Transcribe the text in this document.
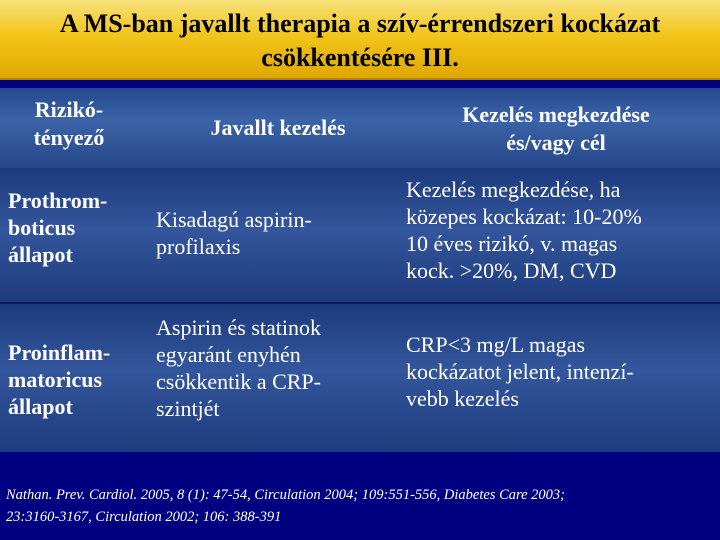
A MS-ban javallt therapia a szív-érrendszeri kockázat
csökkentésére III.
Rizikó-
tényező	Javallt kezelés
Kezelés megkezdése
és/vagy cél
Prothrom-
boticus
állapot
Kisadagú aspirin-
profilaxis
Kezelés megkezdése, ha
közepes kockázat: 10-20%
10 éves rizikó, v. magas
kock. >20%, DM, CVD
Proinflam-
matoricus
állapot
Aspirin és statinok
egyaránt enyhén
csökkentik a CRP-
szintjét
CRP<3 mg/L magas
kockázatot jelent, intenzí-
vebb kezelés
Nathan. Prev. Cardiol. 2005, 8 (1): 47-54, Circulation 2004; 109:551-556, Diabetes Care 2003;
23:3160-3167, Circulation 2002; 106: 388-391
